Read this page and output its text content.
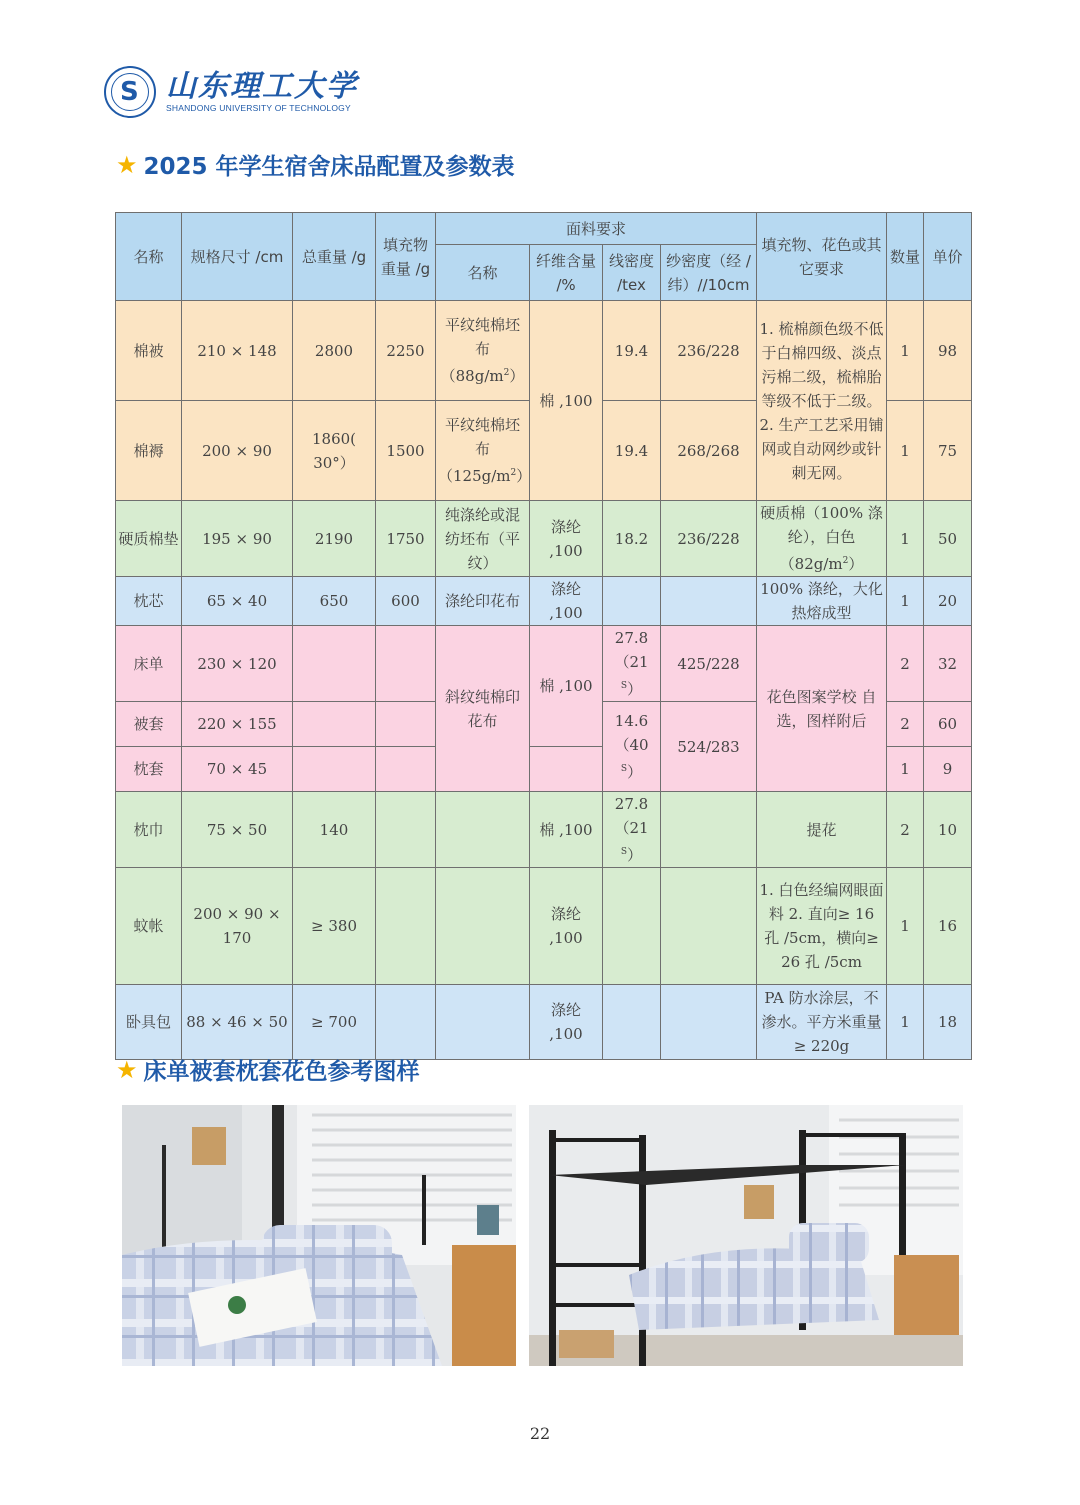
S 山东理工大学
SHANDONG UNIVERSITY OF TECHNOLOGY
★ 2025 年学生宿舍床品配置及参数表
名称	规格尺寸 /cm	总重量 /g	填充物重量 /g	面料要求				填充物、花色或其它要求	数量	单价
				名称	纤维含量 /%	线密度 /tex	纱密度（经 / 纬）//10cm			
棉被	210 × 148	2800	2250	平纹纯棉坯布$(88g/m^2)$	棉 ,100	19.4	236/228	1. 梳棉颜色级不低于白棉四级、淡点污棉二级，梳棉胎等级不低于二级。 2. 生产工艺采用铺网或自动网纱或针刺无网。	1	98
棉褥	200 × 90	1860( 30°）	1500	平纹纯棉坯布$(125g/m^2)$		19.4	268/268		1	75
硬质棉垫	195 × 90	2190	1750	纯涤纶或混纺坯布（平纹）	涤纶 ,100	18.2	236/228	硬质棉（100% 涤纶），白色$(82g/m^2)$	1	50
枕芯	65 × 40	650	600	涤纶印花布	涤纶 ,100			100% 涤纶，大化热熔成型	1	20
床单	230 × 120			斜纹纯棉印花布	棉 ,100	27.8（21 $^S$）	425/228	花色图案学校 自选，图样附后	2	32
被套	220 × 155					14.6（40 $^S$）	524/283		2	60
枕套	70 × 45								1	9
枕巾	75 × 50	140			棉 ,100	27.8（21 $^S$）		提花	2	10
蚊帐	200 × 90 × 170	≥ 380			涤纶 ,100			1. 白色经编网眼面料 2. 直向≥ 16 孔 /5cm，横向≥ 26 孔 /5cm	1	16
卧具包	88 × 46 × 50	≥ 700			涤纶 ,100			PA 防水涂层，不渗水。平方米重量≥ 220g	1	18
★ 床单被套枕套花色参考图样
22
